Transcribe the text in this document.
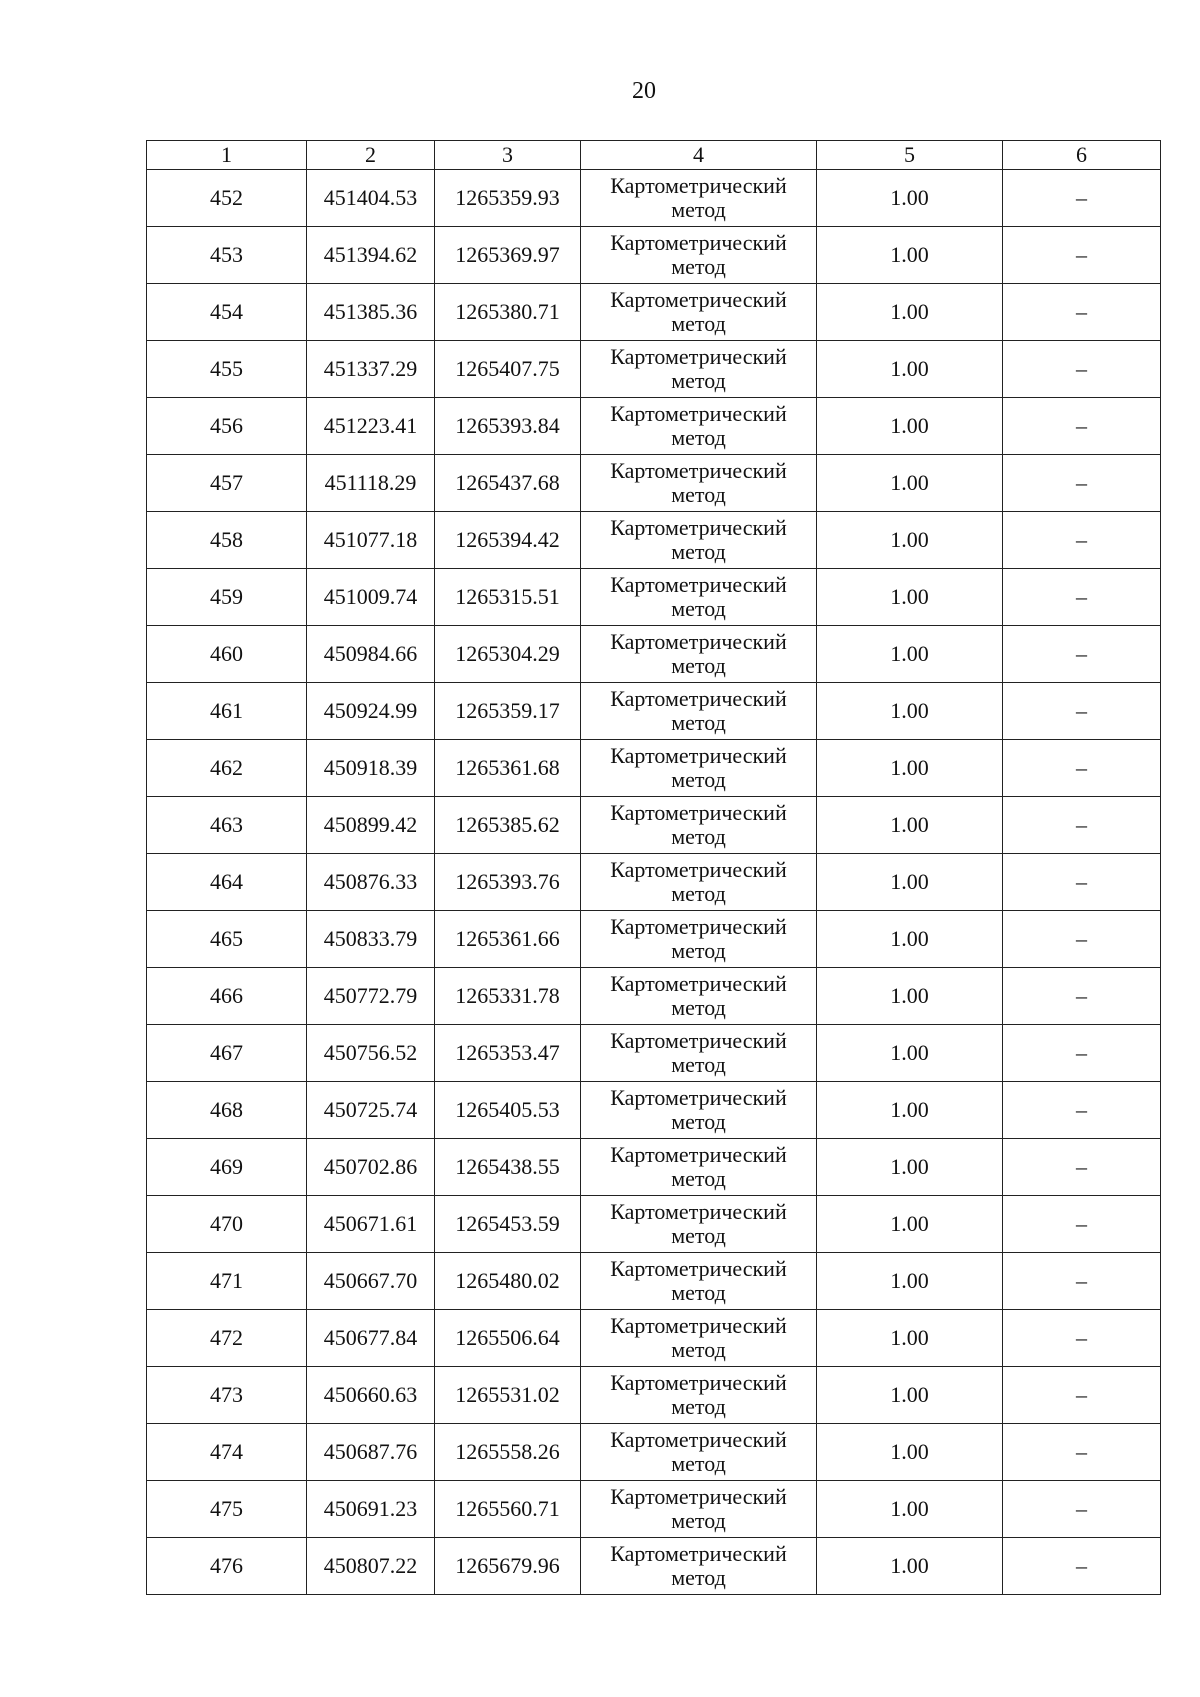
20
1	2	3	4	5	6
452	451404.53	1265359.93	Картометрический
метод	1.00	–
453	451394.62	1265369.97	Картометрический
метод	1.00	–
454	451385.36	1265380.71	Картометрический
метод	1.00	–
455	451337.29	1265407.75	Картометрический
метод	1.00	–
456	451223.41	1265393.84	Картометрический
метод	1.00	–
457	451118.29	1265437.68	Картометрический
метод	1.00	–
458	451077.18	1265394.42	Картометрический
метод	1.00	–
459	451009.74	1265315.51	Картометрический
метод	1.00	–
460	450984.66	1265304.29	Картометрический
метод	1.00	–
461	450924.99	1265359.17	Картометрический
метод	1.00	–
462	450918.39	1265361.68	Картометрический
метод	1.00	–
463	450899.42	1265385.62	Картометрический
метод	1.00	–
464	450876.33	1265393.76	Картометрический
метод	1.00	–
465	450833.79	1265361.66	Картометрический
метод	1.00	–
466	450772.79	1265331.78	Картометрический
метод	1.00	–
467	450756.52	1265353.47	Картометрический
метод	1.00	–
468	450725.74	1265405.53	Картометрический
метод	1.00	–
469	450702.86	1265438.55	Картометрический
метод	1.00	–
470	450671.61	1265453.59	Картометрический
метод	1.00	–
471	450667.70	1265480.02	Картометрический
метод	1.00	–
472	450677.84	1265506.64	Картометрический
метод	1.00	–
473	450660.63	1265531.02	Картометрический
метод	1.00	–
474	450687.76	1265558.26	Картометрический
метод	1.00	–
475	450691.23	1265560.71	Картометрический
метод	1.00	–
476	450807.22	1265679.96	Картометрический
метод	1.00	–
